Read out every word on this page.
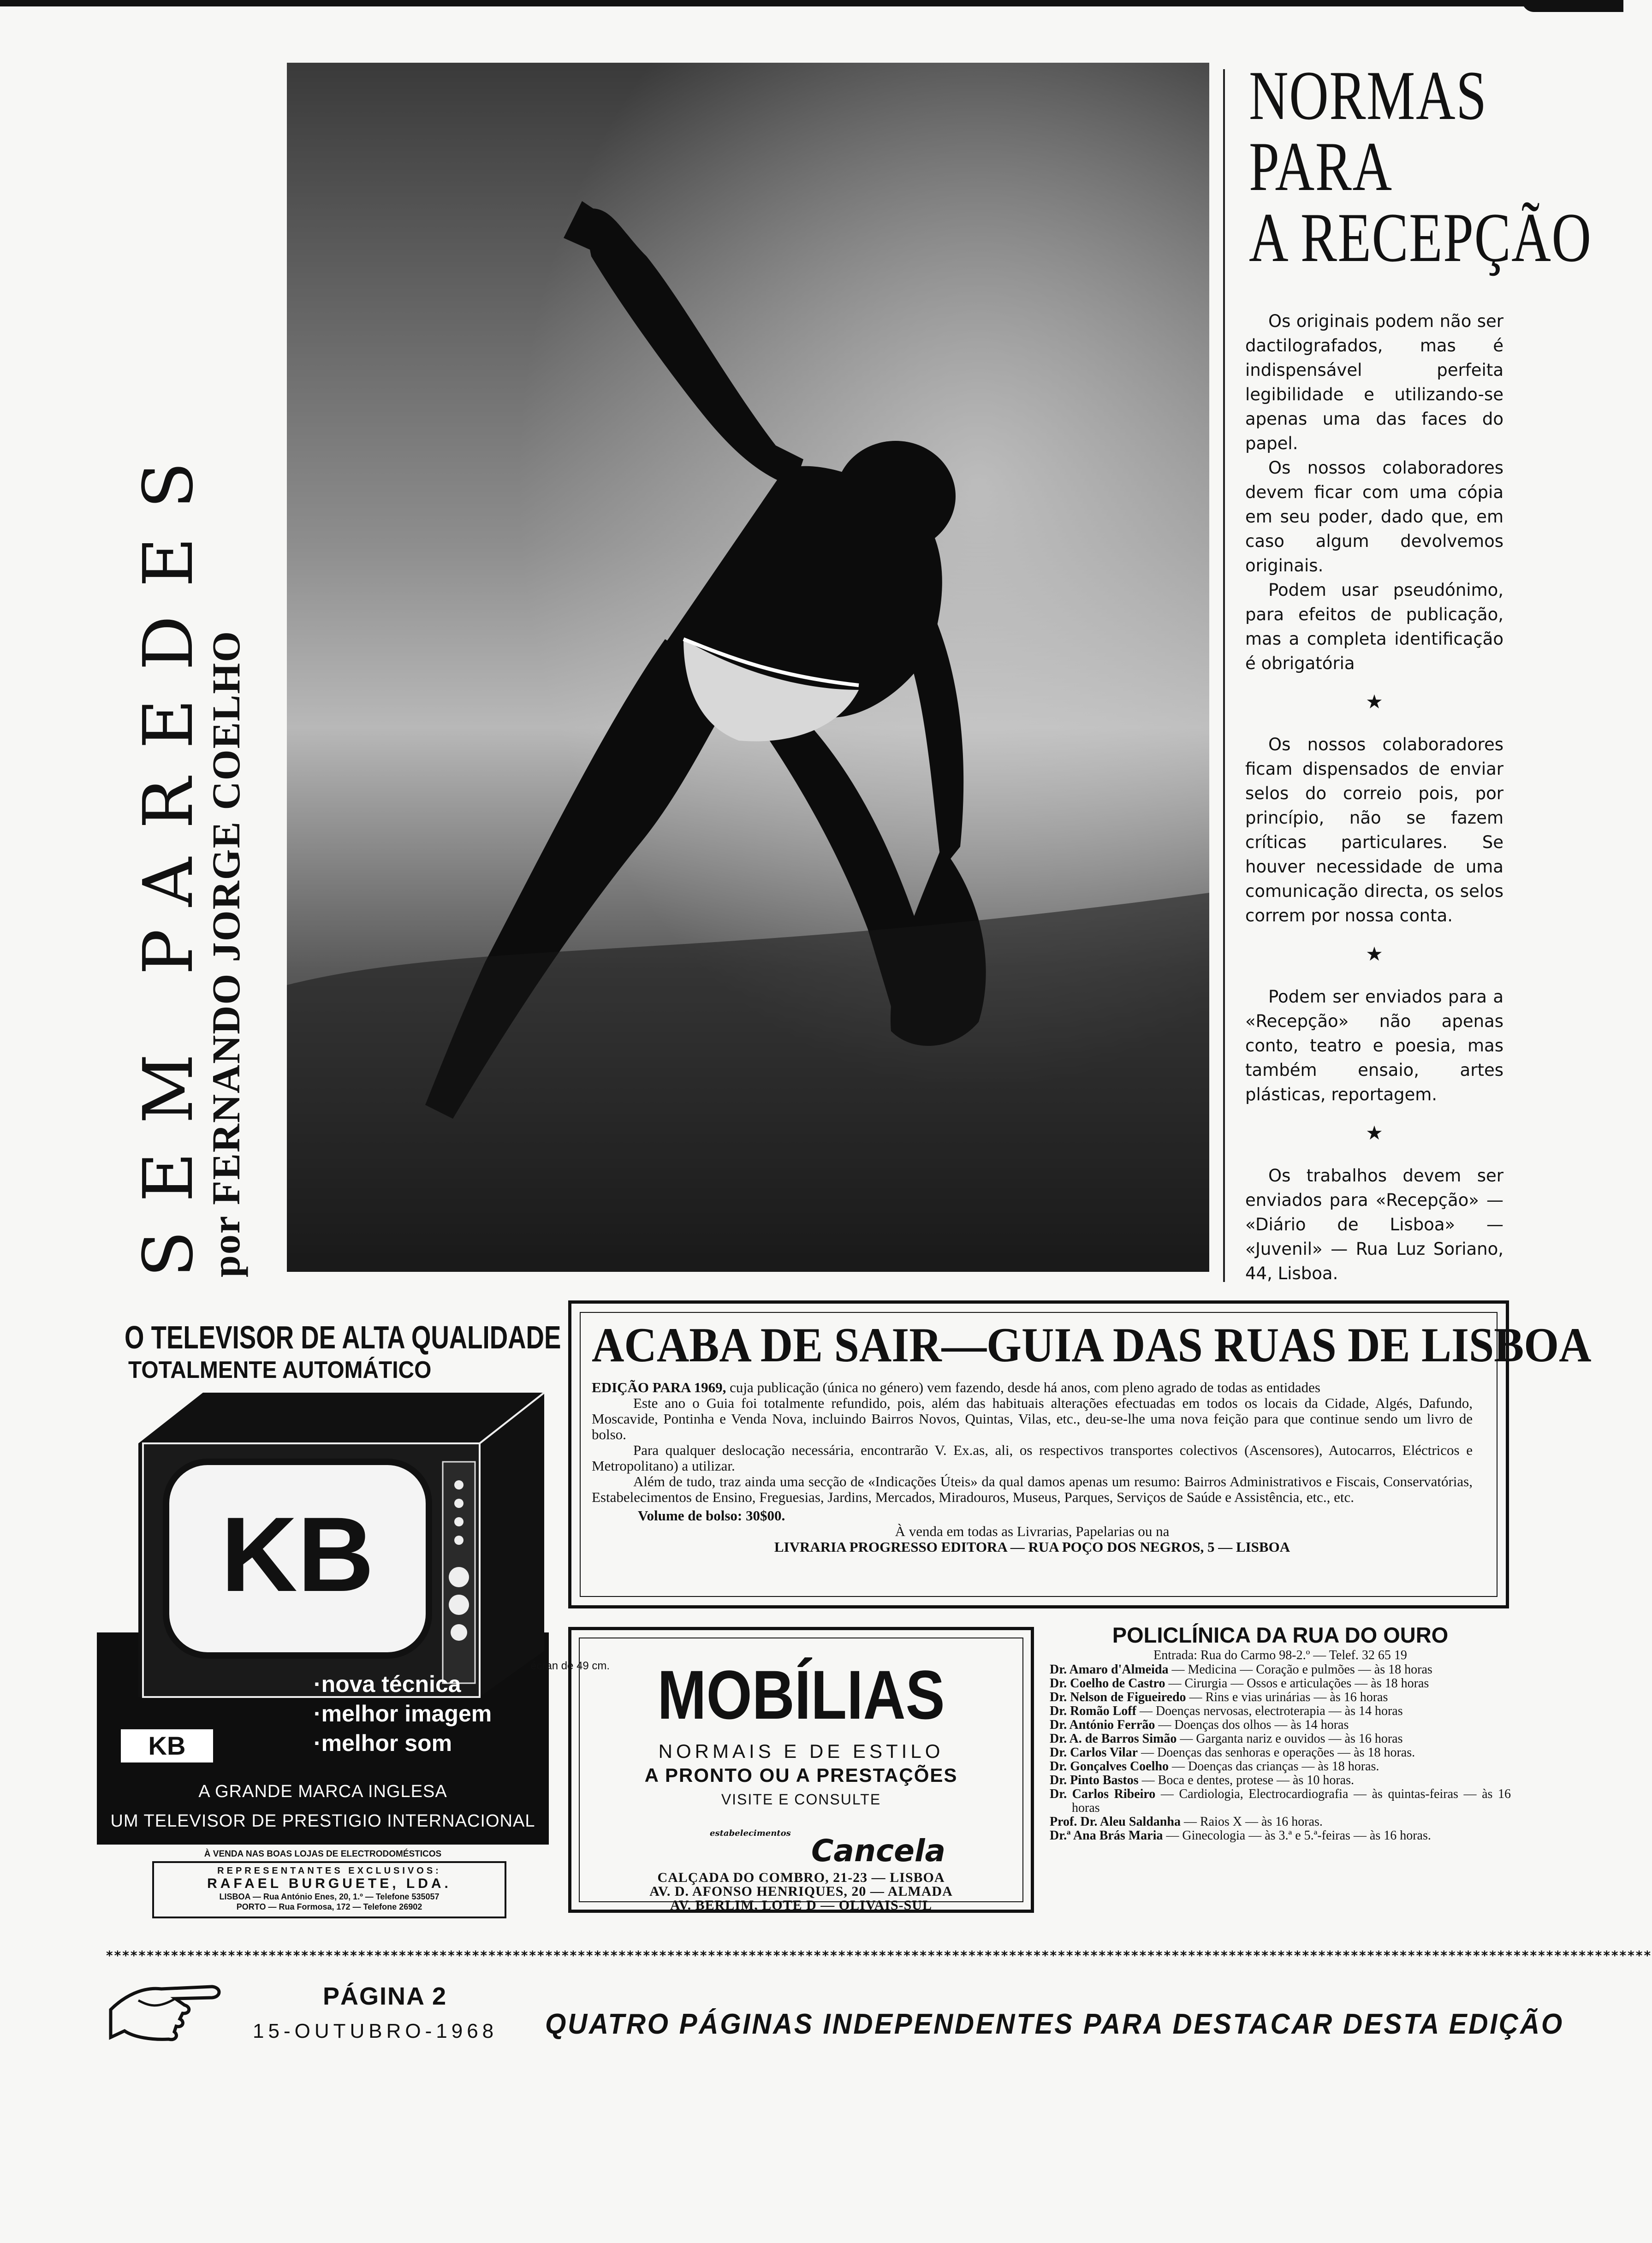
SEM PAREDES
por FERNANDO JORGE COELHO
NORMAS
PARA
A RECEPÇÃO

Os originais podem não ser dactilografados, mas é indispensável perfeita legibilidade e utilizando-se apenas uma das faces do papel.

Os nossos colaboradores devem ficar com uma cópia em seu poder, dado que, em caso algum devolvemos originais.

Podem usar pseudónimo, para efeitos de publicação, mas a completa identificação é obrigatória

★

Os nossos colaboradores ficam dispensados de enviar selos do correio pois, por princípio, não se fazem críticas particulares. Se houver necessidade de uma comunicação directa, os selos correm por nossa conta.

★

Podem ser enviados para a «Recepção» não apenas conto, teatro e poesia, mas também ensaio, artes plásticas, reportagem.

★

Os trabalhos devem ser enviados para «Recepção» — «Diário de Lisboa» — «Juvenil» — Rua Luz Soriano, 44, Lisboa.

O TELEVISOR DE ALTA QUALIDADE
TOTALMENTE AUTOMÁTICO
KB
écran de 49 cm.
·nova técnica
·melhor imagem
·melhor som
KB
A GRANDE MARCA INGLESA
UM TELEVISOR DE PRESTIGIO INTERNACIONAL
À VENDA NAS BOAS LOJAS DE ELECTRODOMÉSTICOS
REPRESENTANTES EXCLUSIVOS:
RAFAEL BURGUETE, LDA.
LISBOA — Rua António Enes, 20, 1.º — Telefone 535057
PORTO — Rua Formosa, 172 — Telefone 26902
ACABA DE SAIR—GUIA DAS RUAS DE LISBOA

EDIÇÃO PARA 1969, cuja publicação (única no género) vem fazendo, desde há anos, com pleno agrado de todas as entidades

Este ano o Guia foi totalmente refundido, pois, além das habituais alterações efectuadas em todos os locais da Cidade, Algés, Dafundo, Moscavide, Pontinha e Venda Nova, incluindo Bairros Novos, Quintas, Vilas, etc., deu-se-lhe uma nova feição para que continue sendo um livro de bolso.

Para qualquer deslocação necessária, encontrarão V. Ex.as, ali, os respectivos transportes colectivos (Ascensores), Autocarros, Eléctricos e Metropolitano) a utilizar.

Além de tudo, traz ainda uma secção de «Indicações Úteis» da qual damos apenas um resumo: Bairros Administrativos e Fiscais, Conservatórias, Estabelecimentos de Ensino, Freguesias, Jardins, Mercados, Miradouros, Museus, Parques, Serviços de Saúde e Assistência, etc., etc.

Volume de bolso: 30$00.

À venda em todas as Livrarias, Papelarias ou na

LIVRARIA PROGRESSO EDITORA — RUA POÇO DOS NEGROS, 5 — LISBOA

MOBÍLIAS
NORMAIS E DE ESTILO
A PRONTO OU A PRESTAÇÕES
VISITE E CONSULTE
estabelecimentos Cancela
CALÇADA DO COMBRO, 21-23 — LISBOA
AV. D. AFONSO HENRIQUES, 20 — ALMADA
AV. BERLIM, LOTE D — OLIVAIS-SUL
POLICLÍNICA DA RUA DO OURO
Entrada: Rua do Carmo 98-2.º — Telef. 32 65 19
Dr. Amaro d'Almeida — Medicina — Coração e pulmões — às 18 horas
Dr. Coelho de Castro — Cirurgia — Ossos e articulações — às 18 horas
Dr. Nelson de Figueiredo — Rins e vias urinárias — às 16 horas
Dr. Romão Loff — Doenças nervosas, electroterapia — às 14 horas
Dr. António Ferrão — Doenças dos olhos — às 14 horas
Dr. A. de Barros Simão — Garganta nariz e ouvidos — às 16 horas
Dr. Carlos Vilar — Doenças das senhoras e operações — às 18 horas.
Dr. Gonçalves Coelho — Doenças das crianças — às 18 horas.
Dr. Pinto Bastos — Boca e dentes, protese — às 10 horas.
Dr. Carlos Ribeiro — Cardiologia, Electrocardiografia — às quintas-feiras — às 16 horas
Prof. Dr. Aleu Saldanha — Raios X — às 16 horas.
Dr.ª Ana Brás Maria — Ginecologia — às 3.ª e 5.ª-feiras — às 16 horas.
**********************************************************************************************************************************************************************************************
PÁGINA 2
15-OUTUBRO-1968 QUATRO PÁGINAS INDEPENDENTES PARA DESTACAR DESTA EDIÇÃO
